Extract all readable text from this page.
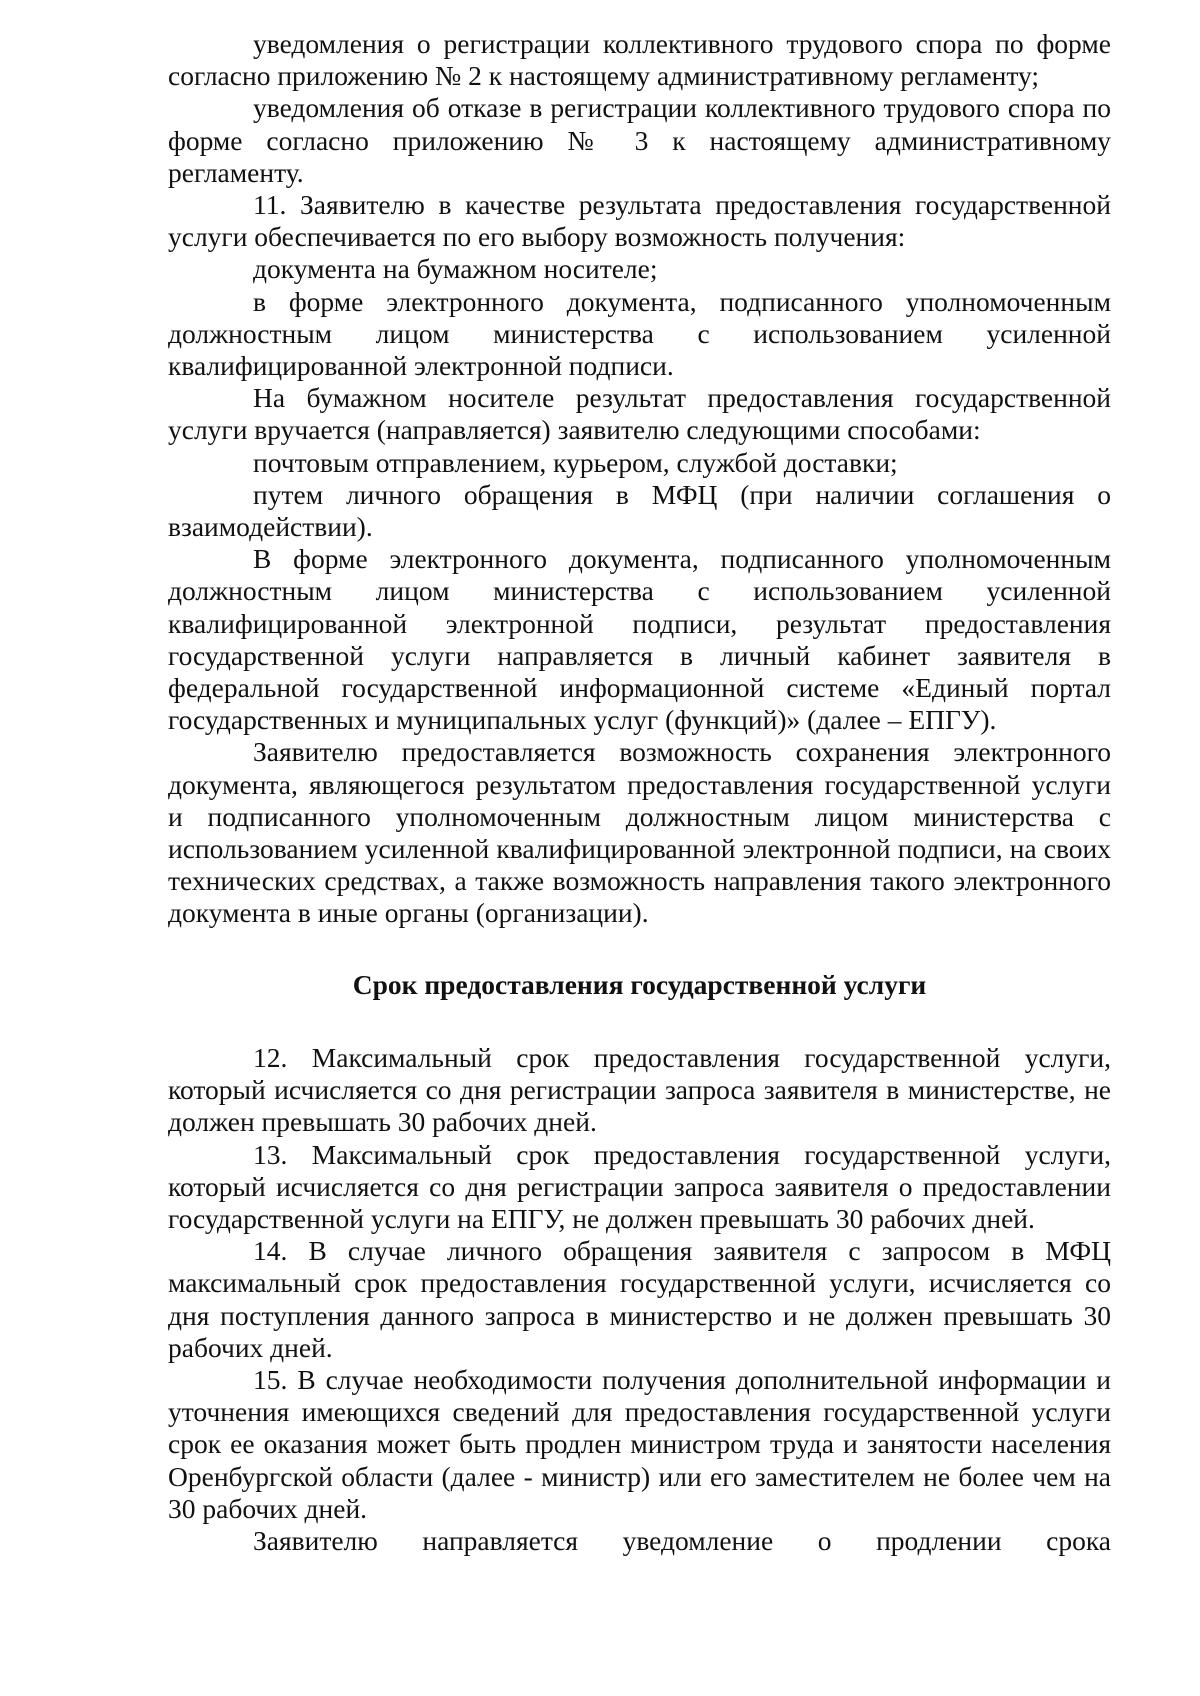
уведомления о регистрации коллективного трудового спора по форме согласно приложению № 2 к настоящему административному регламенту;

уведомления об отказе в регистрации коллективного трудового спора по форме согласно приложению № 3 к настоящему административному регламенту.

11. Заявителю в качестве результата предоставления государственной услуги обеспечивается по его выбору возможность получения:

документа на бумажном носителе;

в форме электронного документа, подписанного уполномоченным должностным лицом министерства с использованием усиленной квалифицированной электронной подписи.

На бумажном носителе результат предоставления государственной услуги вручается (направляется) заявителю следующими способами:

почтовым отправлением, курьером, службой доставки;

путем личного обращения в МФЦ (при наличии соглашения о взаимодействии).

В форме электронного документа, подписанного уполномоченным должностным лицом министерства с использованием усиленной квалифицированной электронной подписи, результат предоставления государственной услуги направляется в личный кабинет заявителя в федеральной государственной информационной системе «Единый портал государственных и муниципальных услуг (функций)» (далее – ЕПГУ).

Заявителю предоставляется возможность сохранения электронного документа, являющегося результатом предоставления государственной услуги и подписанного уполномоченным должностным лицом министерства с использованием усиленной квалифицированной электронной подписи, на своих технических средствах, а также возможность направления такого электронного документа в иные органы (организации).

Срок предоставления государственной услуги

12. Максимальный срок предоставления государственной услуги, который исчисляется со дня регистрации запроса заявителя в министерстве, не должен превышать 30 рабочих дней.

13. Максимальный срок предоставления государственной услуги, который исчисляется со дня регистрации запроса заявителя о предоставлении государственной услуги на ЕПГУ, не должен превышать 30 рабочих дней.

14. В случае личного обращения заявителя с запросом в МФЦ максимальный срок предоставления государственной услуги, исчисляется со дня поступления данного запроса в министерство и не должен превышать 30 рабочих дней.

15. В случае необходимости получения дополнительной информации и уточнения имеющихся сведений для предоставления государственной услуги срок ее оказания может быть продлен министром труда и занятости населения Оренбургской области (далее - министр) или его заместителем не более чем на 30 рабочих дней.

Заявителю направляется уведомление о продлении срока
